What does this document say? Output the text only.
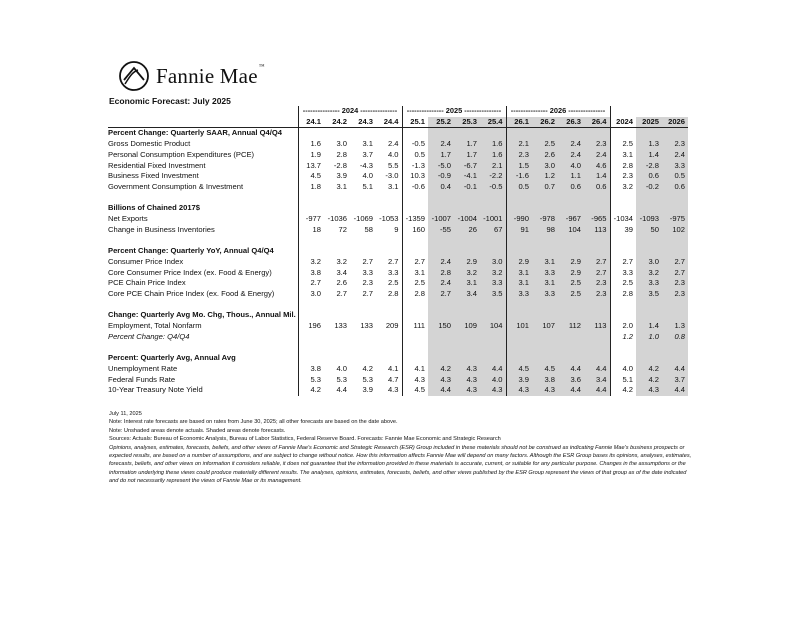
Fannie Mae™
Economic Forecast: July 2025
	--------------- 2024 ---------------				--------------- 2025 ---------------				--------------- 2026 ---------------						
	24.1	24.2	24.3	24.4	25.1	25.2	25.3	25.4	26.1	26.2	26.3	26.4	2024	2025	2026
Percent Change: Quarterly SAAR, Annual Q4/Q4															
Gross Domestic Product	1.6	3.0	3.1	2.4	-0.5	2.4	1.7	1.6	2.1	2.5	2.4	2.3	2.5	1.3	2.3
Personal Consumption Expenditures (PCE)	1.9	2.8	3.7	4.0	0.5	1.7	1.7	1.6	2.3	2.6	2.4	2.4	3.1	1.4	2.4
Residential Fixed Investment	13.7	-2.8	-4.3	5.5	-1.3	-5.0	-6.7	2.1	1.5	3.0	4.0	4.6	2.8	-2.8	3.3
Business Fixed Investment	4.5	3.9	4.0	-3.0	10.3	-0.9	-4.1	-2.2	-1.6	1.2	1.1	1.4	2.3	0.6	0.5
Government Consumption & Investment	1.8	3.1	5.1	3.1	-0.6	0.4	-0.1	-0.5	0.5	0.7	0.6	0.6	3.2	-0.2	0.6

Billions of Chained 2017$															
Net Exports	-977	-1036	-1069	-1053	-1359	-1007	-1004	-1001	-990	-978	-967	-965	-1034	-1093	-975
Change in Business Inventories	18	72	58	9	160	-55	26	67	91	98	104	113	39	50	102

Percent Change: Quarterly YoY, Annual Q4/Q4															
Consumer Price Index	3.2	3.2	2.7	2.7	2.7	2.4	2.9	3.0	2.9	3.1	2.9	2.7	2.7	3.0	2.7
Core Consumer Price Index (ex. Food & Energy)	3.8	3.4	3.3	3.3	3.1	2.8	3.2	3.2	3.1	3.3	2.9	2.7	3.3	3.2	2.7
PCE Chain Price Index	2.7	2.6	2.3	2.5	2.5	2.4	3.1	3.3	3.1	3.1	2.5	2.3	2.5	3.3	2.3
Core PCE Chain Price Index (ex. Food & Energy)	3.0	2.7	2.7	2.8	2.8	2.7	3.4	3.5	3.3	3.3	2.5	2.3	2.8	3.5	2.3

Change: Quarterly Avg Mo. Chg, Thous., Annual Mil.															
Employment, Total Nonfarm	196	133	133	209	111	150	109	104	101	107	112	113	2.0	1.4	1.3
Percent Change: Q4/Q4													1.2	1.0	0.8

Percent: Quarterly Avg, Annual Avg															
Unemployment Rate	3.8	4.0	4.2	4.1	4.1	4.2	4.3	4.4	4.5	4.5	4.4	4.4	4.0	4.2	4.4
Federal Funds Rate	5.3	5.3	5.3	4.7	4.3	4.3	4.3	4.0	3.9	3.8	3.6	3.4	5.1	4.2	3.7
10-Year Treasury Note Yield	4.2	4.4	3.9	4.3	4.5	4.4	4.3	4.3	4.3	4.3	4.4	4.4	4.2	4.3	4.4
July 11, 2025
Note: Interest rate forecasts are based on rates from June 30, 2025; all other forecasts are based on the date above.
Note: Unshaded areas denote actuals. Shaded areas denote forecasts.
Sources: Actuals: Bureau of Economic Analysis, Bureau of Labor Statistics, Federal Reserve Board. Forecasts: Fannie Mae Economic and Strategic Research
Opinions, analyses, estimates, forecasts, beliefs, and other views of Fannie Mae's Economic and Strategic Research (ESR) Group included in these materials should not be construed as indicating Fannie Mae's business prospects or expected results, are based on a number of assumptions, and are subject to change without notice. How this information affects Fannie Mae will depend on many factors. Although the ESR Group bases its opinions, analyses, estimates, forecasts, beliefs, and other views on information it considers reliable, it does not guarantee that the information provided in these materials is accurate, current, or suitable for any particular purpose. Changes in the assumptions or the information underlying these views could produce materially different results. The analyses, opinions, estimates, forecasts, beliefs, and other views published by the ESR Group represent the views of that group as of the date indicated and do not necessarily represent the views of Fannie Mae or its management.
